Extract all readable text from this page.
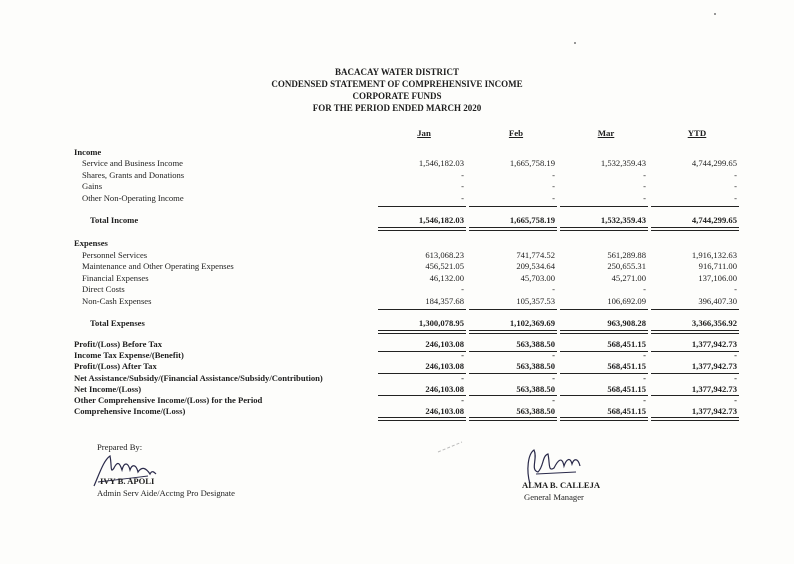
BACACAY WATER DISTRICT
CONDENSED STATEMENT OF COMPREHENSIVE INCOME
CORPORATE FUNDS
FOR THE PERIOD ENDED MARCH 2020
Jan	Feb	Mar	YTD
Income
Service and Business Income	1,546,182.03	1,665,758.19	1,532,359.43	4,744,299.65
Shares, Grants and Donations	-	-	-	-
Gains	-	-	-	-
Other Non-Operating Income	-	-	-	-
Total Income	1,546,182.03	1,665,758.19	1,532,359.43	4,744,299.65
Expenses
Personnel Services	613,068.23	741,774.52	561,289.88	1,916,132.63
Maintenance and Other Operating Expenses	456,521.05	209,534.64	250,655.31	916,711.00
Financial Expenses	46,132.00	45,703.00	45,271.00	137,106.00
Direct Costs	-	-	-	-
Non-Cash Expenses	184,357.68	105,357.53	106,692.09	396,407.30
Total Expenses	1,300,078.95	1,102,369.69	963,908.28	3,366,356.92
Profit/(Loss) Before Tax	246,103.08	563,388.50	568,451.15	1,377,942.73
Income Tax Expense/(Benefit)	-	-	-	-
Profit/(Loss) After Tax	246,103.08	563,388.50	568,451.15	1,377,942.73
Net Assistance/Subsidy/(Financial Assistance/Subsidy/Contribution)	-	-	-	-
Net Income/(Loss)	246,103.08	563,388.50	568,451.15	1,377,942.73
Other Comprehensive Income/(Loss) for the Period	-	-	-	-
Comprehensive Income/(Loss)	246,103.08	563,388.50	568,451.15	1,377,942.73
Prepared By:
IVY B. APOLI
Admin Serv Aide/Acctng Pro Designate
ALMA B. CALLEJA
General Manager
